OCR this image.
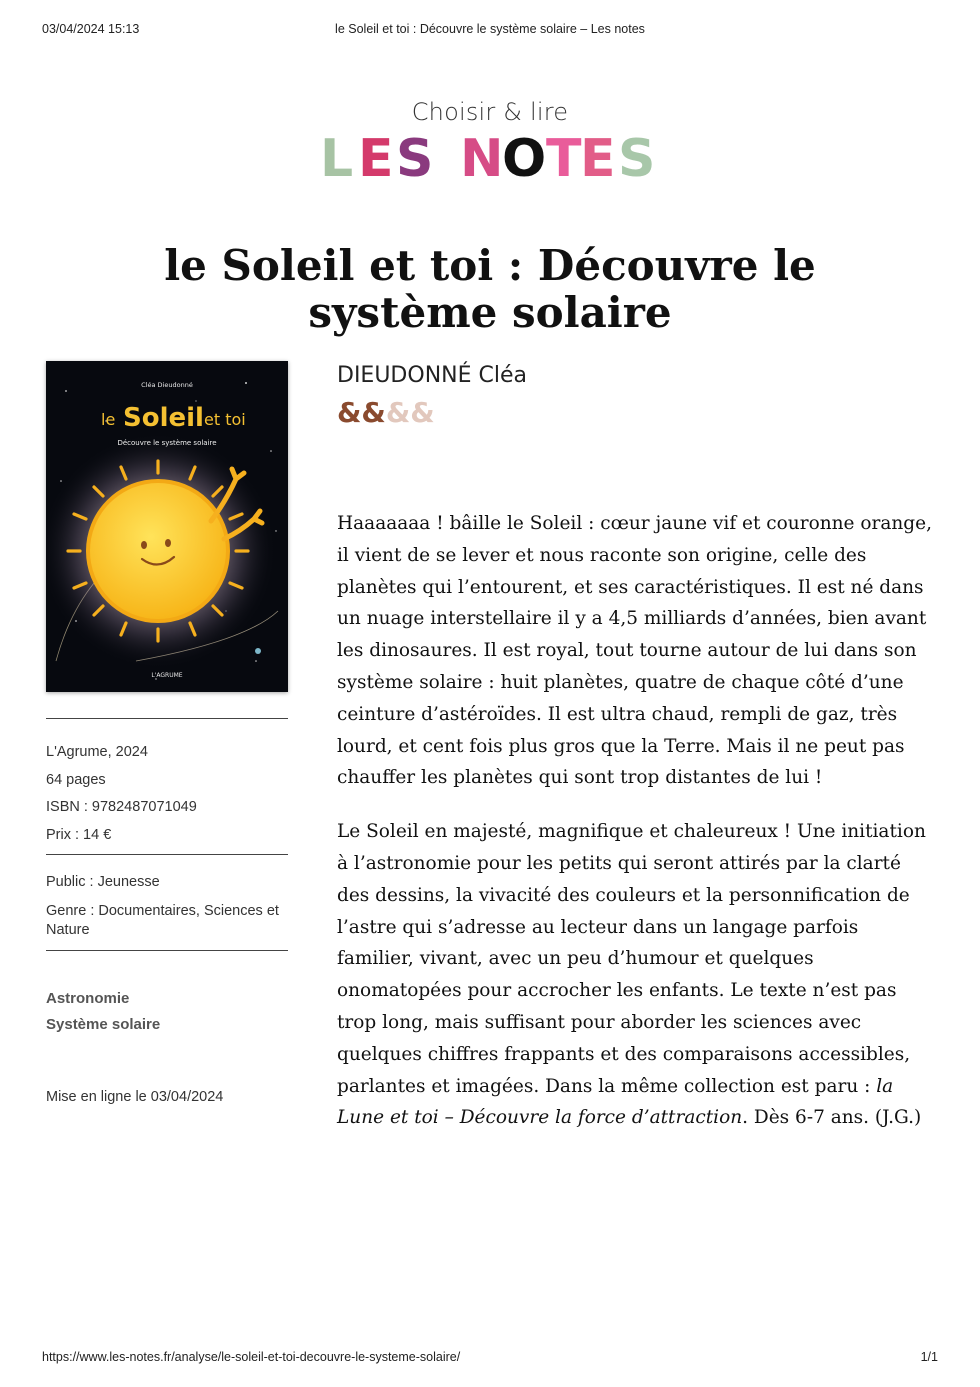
03/04/2024 15:13	le Soleil et toi : Découvre le système solaire – Les notes
Choisir & lire
L E S N
O T
E S
le Soleil et toi : Découvre le système solaire
Cléa Dieudonné
le Soleil et toi
Découvre le système solaire
L'AGRUME
L'Agrume, 2024
64 pages
ISBN : 9782487071049
Prix : 14 €
Public : Jeunesse
Genre : Documentaires, Sciences et Nature
Astronomie
Système solaire
Mise en ligne le 03/04/2024
DIEUDONNÉ Cléa
&&&&

Haaaaaaa ! bâille le Soleil : cœur jaune vif et couronne orange, il vient de se lever et nous raconte son origine, celle des planètes qui l’entourent, et ses caractéristiques. Il est né dans un nuage interstellaire il y a 4,5 milliards d’années, bien avant les dinosaures. Il est royal, tout tourne autour de lui dans son système solaire : huit planètes, quatre de chaque côté d’une ceinture d’astéroïdes. Il est ultra chaud, rempli de gaz, très lourd, et cent fois plus gros que la Terre. Mais il ne peut pas chauffer les planètes qui sont trop distantes de lui !

Le Soleil en majesté, magnifique et chaleureux ! Une initiation à l’astronomie pour les petits qui seront attirés par la clarté des dessins, la vivacité des couleurs et la personnification de l’astre qui s’adresse au lecteur dans un langage parfois familier, vivant, avec un peu d’humour et quelques onomatopées pour accrocher les enfants. Le texte n’est pas trop long, mais suffisant pour aborder les sciences avec quelques chiffres frappants et des comparaisons accessibles, parlantes et imagées. Dans la même collection est paru : la Lune et toi – Découvre la force d’attraction. Dès 6-7 ans. (J.G.)

https://www.les-notes.fr/analyse/le-soleil-et-toi-decouvre-le-systeme-solaire/	1/1
